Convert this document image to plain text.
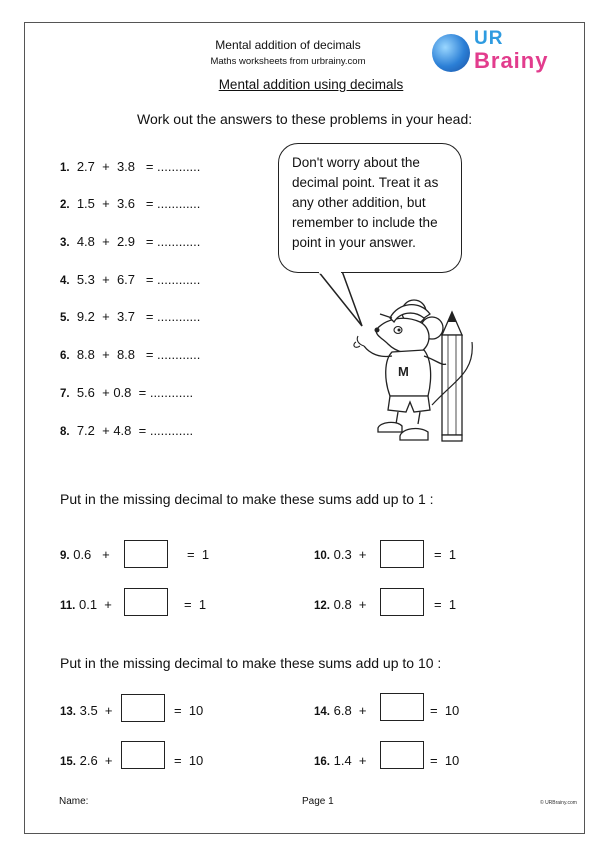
Mental addition of decimals
Maths worksheets from urbrainy.com
UR
Brainy
Mental addition using decimals
Work out the answers to these problems in your head:
1. 2.7  +  3.8   = ............
2. 1.5  +  3.6   = ............
3. 4.8  +  2.9   = ............
4. 5.3  +  6.7   = ............
5. 9.2  +  3.7   = ............
6. 8.8  +  8.8   = ............
7. 5.6  + 0.8  = ............
8. 7.2  + 4.8  = ............
Don't worry about the decimal point. Treat it as any other addition, but remember to include the point in your answer.
M
Put in the missing decimal to make these sums add up to 1 :
9. 0.6   +	=  1	10. 0.3  +	=  1
11. 0.1  +	=  1	12. 0.8  +	=  1
Put in the missing decimal to make these sums add up to 10 :
13. 3.5  +	=  10	14. 6.8  +	=  10
15. 2.6  +	=  10	16. 1.4  +	=  10
Name:	Page 1	© URBrainy.com
